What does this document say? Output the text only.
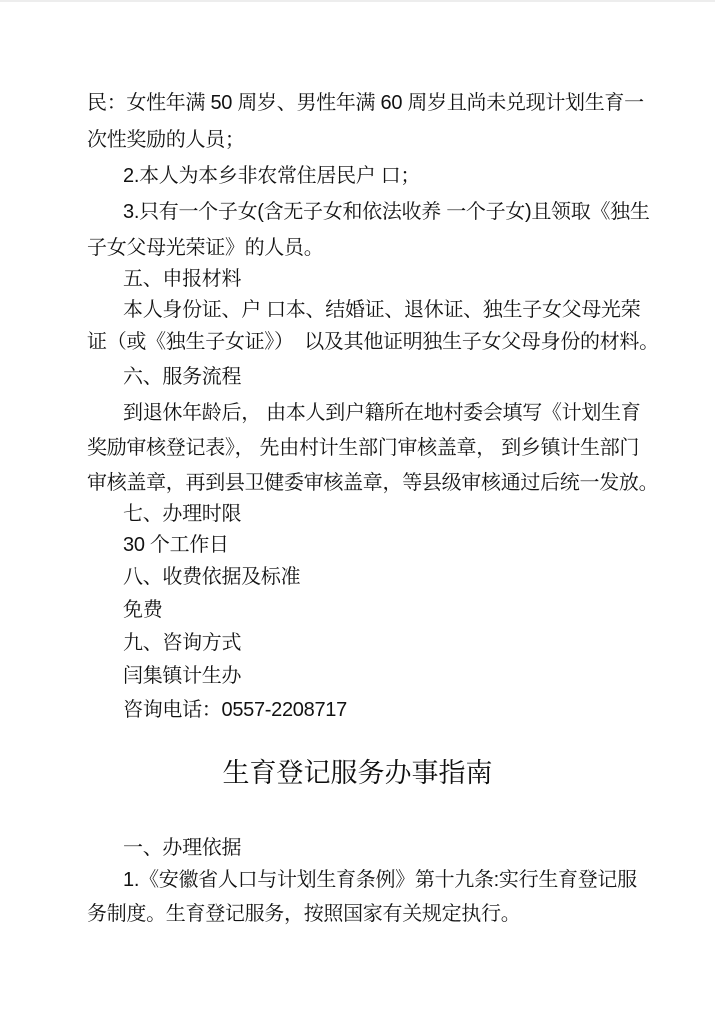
民：女性年满 50 周岁、男性年满 60 周岁且尚未兑现计划生育一
次性奖励的人员；
2.本人为本乡非农常住居民户 口；
3.只有一个子女(含无子女和依法收养 一个子女)且领取《独生
子女父母光荣证》的人员。
五、申报材料
本人身份证、户 口本、结婚证、退休证、独生子女父母光荣
证（或《独生子女证》）  以及其他证明独生子女父母身份的材料。
六、服务流程
到退休年龄后， 由本人到户籍所在地村委会填写《计划生育
奖励审核登记表》， 先由村计生部门审核盖章， 到乡镇计生部门
审核盖章，再到县卫健委审核盖章，等县级审核通过后统一发放。
七、办理时限
30 个工作日
八、收费依据及标准
免费
九、咨询方式
闫集镇计生办
咨询电话：0557-2208717
生育登记服务办事指南
一、办理依据
1.《安徽省人口与计划生育条例》第十九条:实行生育登记服
务制度。生育登记服务，按照国家有关规定执行。
